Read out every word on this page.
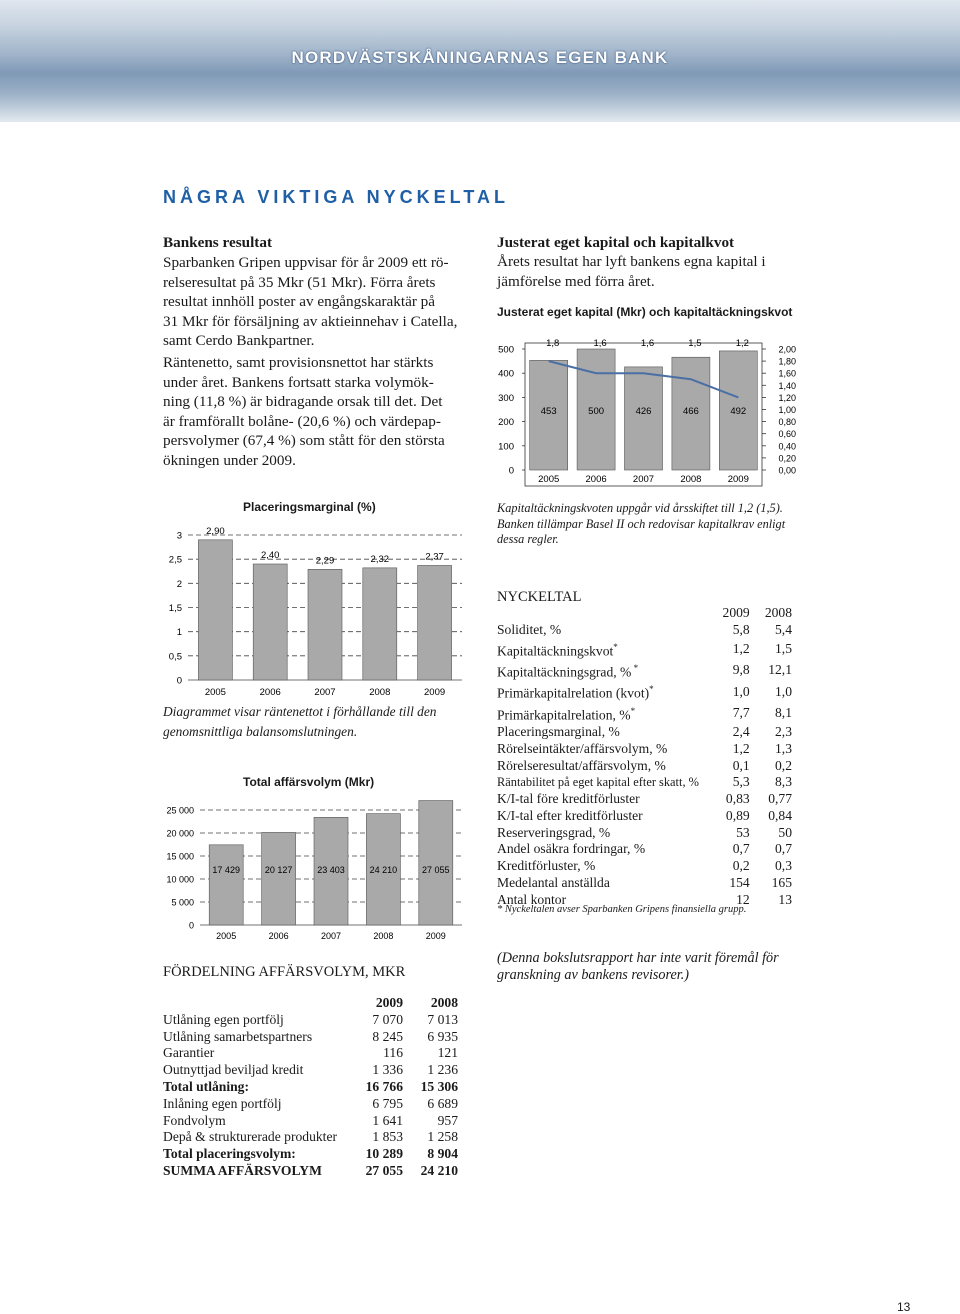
NORDVÄSTSKÅNINGARNAS EGEN BANK
NÅGRA VIKTIGA NYCKELTAL
Bankens resultat
Sparbanken Gripen uppvisar för år 2009 ett rö-
relseresultat på 35 Mkr (51 Mkr). Förra årets
resultat innhöll poster av engångskaraktär på
31 Mkr för försäljning av aktieinnehav i Catella,
samt Cerdo Bankpartner.
Räntenetto, samt provisionsnettot har stärkts
under året. Bankens fortsatt starka volymök-
ning (11,8 %) är bidragande orsak till det. Det
är framförallt bolåne- (20,6 %) och värdepap-
persvolymer (67,4 %) som stått för den största
ökningen under 2009.
Justerat eget kapital och kapitalkvot
Årets resultat har lyft bankens egna kapital i
jämförelse med förra året.
Justerat eget kapital (Mkr) och kapitaltäckningskvot
0
100
200
300
400
500
0,00
0,20
0,40
0,60
0,80
1,00
1,20
1,40
1,60
1,80
2,00
453
2005
1,8
500
2006
1,6
426
2007
1,6
466
2008
1,5
492
2009
1,2
Kapitaltäckningskvoten uppgår vid årsskiftet till 1,2 (1,5).
Banken tillämpar Basel II och redovisar kapitalkrav enligt
dessa regler.
Placeringsmarginal (%)
0
0,5
1
1,5
2
2,5
3	2,90
2005
2,40
2006
2,29
2007
2,32
2008
2,37
2009
Diagrammet visar räntenettot i förhållande till den
genomsnittliga balansomslutningen.
Total affärsvolym (Mkr)
0
5 000
10 000
15 000
20 000
25 000
17 429
2005
20 127
2006
23 403
2007
24 210
2008
27 055
2009
FÖRDELNING AFFÄRSVOLYM, MKR
	2009	2008
Utlåning egen portfölj	7 070	7 013
Utlåning samarbetspartners	8 245	6 935
Garantier	116	121
Outnyttjad beviljad kredit	1 336	1 236
Total utlåning:	16 766	15 306
Inlåning egen portfölj	6 795	6 689
Fondvolym	1 641	957
Depå & strukturerade produkter	1 853	1 258
Total placeringsvolym:	10 289	8 904
SUMMA AFFÄRSVOLYM	27 055	24 210
NYCKELTAL
	2009	2008
Soliditet, %	5,8	5,4
Kapitaltäckningskvot*	1,2	1,5
Kapitaltäckningsgrad, % *	9,8	12,1
Primärkapitalrelation (kvot)*	1,0	1,0
Primärkapitalrelation, %*	7,7	8,1
Placeringsmarginal, %	2,4	2,3
Rörelseintäkter/affärsvolym, %	1,2	1,3
Rörelseresultat/affärsvolym, %	0,1	0,2
Räntabilitet på eget kapital efter skatt, %	5,3	8,3
K/I-tal före kreditförluster	0,83	0,77
K/I-tal efter kreditförluster	0,89	0,84
Reserveringsgrad, %	53	50
Andel osäkra fordringar, %	0,7	0,7
Kreditförluster, %	0,2	0,3
Medelantal anställda	154	165
Antal kontor	12	13
* Nyckeltalen avser Sparbanken Gripens finansiella grupp.
(Denna bokslutsrapport har inte varit föremål för
granskning av bankens revisorer.)
13
